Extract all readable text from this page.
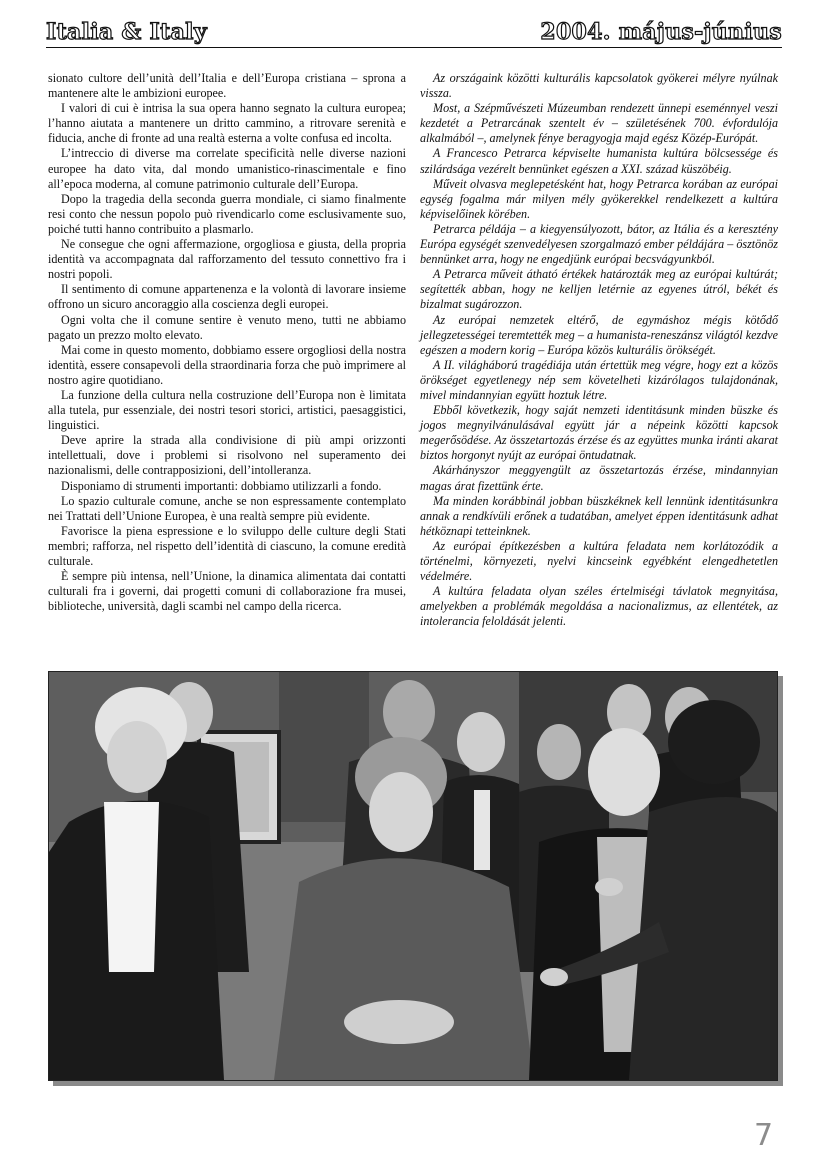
Italia & Italy	2004. május-június

sionato cultore dell’unità dell’Italia e dell’Europa cristiana – sprona a mantenere alte le ambizioni europee.

I valori di cui è intrisa la sua opera hanno segnato la cultura europea; l’hanno aiutata a mantenere un dritto cammino, a ritrovare serenità e fiducia, anche di fronte ad una realtà esterna a volte confusa ed incolta.

L’intreccio di diverse ma correlate specificità nelle diverse nazioni europee ha dato vita, dal mondo umanistico-rinascimentale e fino all’epoca moderna, al comune patrimonio culturale dell’Europa.

Dopo la tragedia della seconda guerra mondiale, ci siamo finalmente resi conto che nessun popolo può rivendicarlo come esclusivamente suo, poiché tutti hanno contribuito a plasmarlo.

Ne consegue che ogni affermazione, orgogliosa e giusta, della propria identità va accompagnata dal rafforzamento del tessuto connettivo fra i nostri popoli.

Il sentimento di comune appartenenza e la volontà di lavorare insieme offrono un sicuro ancoraggio alla coscienza degli europei.

Ogni volta che il comune sentire è venuto meno, tutti ne abbiamo pagato un prezzo molto elevato.

Mai come in questo momento, dobbiamo essere orgogliosi della nostra identità, essere consapevoli della straordinaria forza che può imprimere al nostro agire quotidiano.

La funzione della cultura nella costruzione dell’Europa non è limitata alla tutela, pur essenziale, dei nostri tesori storici, artistici, paesaggistici, linguistici.

Deve aprire la strada alla condivisione di più ampi orizzonti intellettuali, dove i problemi si risolvono nel superamento dei nazionalismi, delle contrapposizioni, dell’intolleranza.

Disponiamo di strumenti importanti: dobbiamo utilizzarli a fondo.

Lo spazio culturale comune, anche se non espressamente contemplato nei Trattati dell’Unione Europea, è una realtà sempre più evidente.

Favorisce la piena espressione e lo sviluppo delle culture degli Stati membri; rafforza, nel rispetto dell’identità di ciascuno, la comune eredità culturale.

È sempre più intensa, nell’Unione, la dinamica alimentata dai contatti culturali fra i governi, dai progetti comuni di collaborazione fra musei, biblioteche, università, dagli scambi nel campo della ricerca.

Az országaink közötti kulturális kapcsolatok gyökerei mélyre nyúlnak vissza.

Most, a Szépművészeti Múzeumban rendezett ünnepi eseménnyel veszi kezdetét a Petrarcának szentelt év – születésének 700. évfordulója alkalmából –, amelynek fénye beragyogja majd egész Közép-Európát.

A Francesco Petrarca képviselte humanista kultúra bölcsessége és szilárdsága vezérelt bennünket egészen a XXI. század küszöbéig.

Műveit olvasva meglepetésként hat, hogy Petrarca korában az európai egység fogalma már milyen mély gyökerekkel rendelkezett a kultúra képviselőinek körében.

Petrarca példája – a kiegyensúlyozott, bátor, az Itália és a keresztény Európa egységét szenvedélyesen szorgalmazó ember példájára – ösztönöz bennünket arra, hogy ne engedjünk európai becsvágyunkból.

A Petrarca műveit átható értékek határozták meg az európai kultúrát; segítették abban, hogy ne kelljen letérnie az egyenes útról, békét és bizalmat sugározzon.

Az európai nemzetek eltérő, de egymáshoz mégis kötődő jellegzetességei teremtették meg – a humanista-reneszánsz világtól kezdve egészen a modern korig – Európa közös kulturális örökségét.

A II. világháború tragédiája után értettük meg végre, hogy ezt a közös örökséget egyetlenegy nép sem követelheti kizárólagos tulajdonának, mivel mindannyian együtt hoztuk létre.

Ebből következik, hogy saját nemzeti identitásunk minden büszke és jogos megnyilvánulásával együtt jár a népeink közötti kapcsok megerősödése. Az összetartozás érzése és az együttes munka iránti akarat biztos horgonyt nyújt az európai öntudatnak.

Akárhányszor meggyengült az összetartozás érzése, mindannyian magas árat fizettünk érte.

Ma minden korábbinál jobban büszkéknek kell lennünk identitásunkra annak a rendkívüli erőnek a tudatában, amelyet éppen identitásunk adhat hétköznapi tetteinknek.

Az európai építkezésben a kultúra feladata nem korlátozódik a történelmi, környezeti, nyelvi kincseink egyébként elengedhetetlen védelmére.

A kultúra feladata olyan széles értelmiségi távlatok megnyitása, amelyekben a problémák megoldása a nacionalizmus, az ellentétek, az intolerancia feloldását jelenti.

7
